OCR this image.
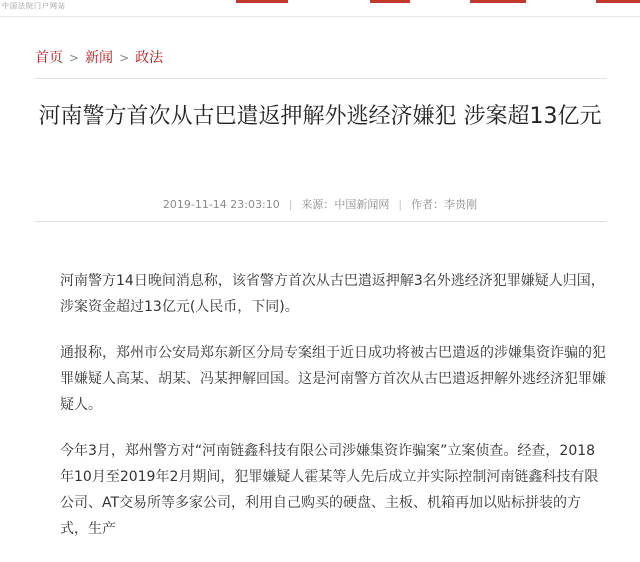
中国法院门户网站
首页 > 新闻 > 政法
河南警方首次从古巴遣返押解外逃经济嫌犯 涉案超13亿元
2019-11-14 23:03:10 | 来源：中国新闻网 | 作者：李贵刚

河南警方14日晚间消息称，该省警方首次从古巴遣返押解3名外逃经济犯罪嫌疑人归国，涉案资金超过13亿元(人民币，下同)。

通报称，郑州市公安局郑东新区分局专案组于近日成功将被古巴遣返的涉嫌集资诈骗的犯罪嫌疑人高某、胡某、冯某押解回国。这是河南警方首次从古巴遣返押解外逃经济犯罪嫌疑人。

今年3月，郑州警方对“河南链鑫科技有限公司涉嫌集资诈骗案”立案侦查。经查，2018年10月至2019年2月期间，犯罪嫌疑人霍某等人先后成立并实际控制河南链鑫科技有限公司、AT交易所等多家公司，利用自己购买的硬盘、主板、机箱再加以贴标拼装的方式，生产
